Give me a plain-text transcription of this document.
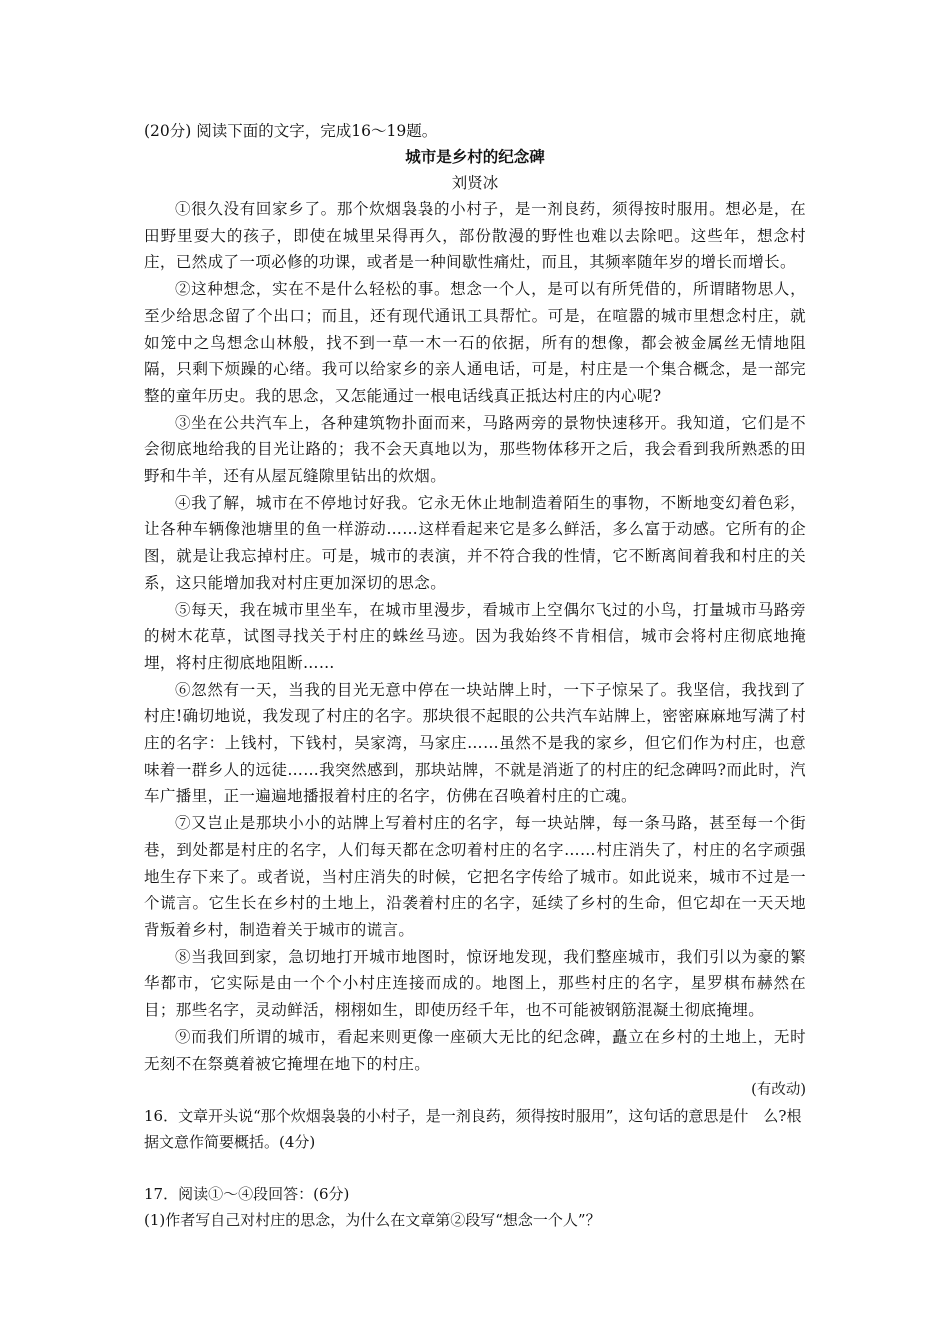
(20分) 阅读下面的文字，完成16～19题。

城市是乡村的纪念碑

刘贤冰

①很久没有回家乡了。那个炊烟袅袅的小村子，是一剂良药，须得按时服用。想必是，在田野里耍大的孩子，即使在城里呆得再久，部份散漫的野性也难以去除吧。这些年，想念村庄，已然成了一项必修的功课，或者是一种间歇性痛灶，而且，其频率随年岁的增长而增长。

②这种想念，实在不是什么轻松的事。想念一个人，是可以有所凭借的，所谓睹物思人，至少给思念留了个出口；而且，还有现代通讯工具帮忙。可是，在喧嚣的城市里想念村庄，就如笼中之鸟想念山林般，找不到一草一木一石的依据，所有的想像，都会被金属丝无情地阻隔，只剩下烦躁的心绪。我可以给家乡的亲人通电话，可是，村庄是一个集合概念，是一部完整的童年历史。我的思念，又怎能通过一根电话线真正抵达村庄的内心呢?

③坐在公共汽车上，各种建筑物扑面而来，马路两旁的景物快速移开。我知道，它们是不会彻底地给我的目光让路的；我不会天真地以为，那些物体移开之后，我会看到我所熟悉的田野和牛羊，还有从屋瓦缝隙里钻出的炊烟。

④我了解，城市在不停地讨好我。它永无休止地制造着陌生的事物，不断地变幻着色彩，让各种车辆像池塘里的鱼一样游动……这样看起来它是多么鲜活，多么富于动感。它所有的企图，就是让我忘掉村庄。可是，城市的表演，并不符合我的性情，它不断离间着我和村庄的关系，这只能增加我对村庄更加深切的思念。

⑤每天，我在城市里坐车，在城市里漫步，看城市上空偶尔飞过的小鸟，打量城市马路旁的树木花草，试图寻找关于村庄的蛛丝马迹。因为我始终不肯相信，城市会将村庄彻底地掩埋，将村庄彻底地阻断……

⑥忽然有一天，当我的目光无意中停在一块站牌上时，一下子惊呆了。我坚信，我找到了村庄!确切地说，我发现了村庄的名字。那块很不起眼的公共汽车站牌上，密密麻麻地写满了村庄的名字：上钱村，下钱村，吴家湾，马家庄……虽然不是我的家乡，但它们作为村庄，也意味着一群乡人的远徒……我突然感到，那块站牌，不就是消逝了的村庄的纪念碑吗?而此时，汽车广播里，正一遍遍地播报着村庄的名字，仿佛在召唤着村庄的亡魂。

⑦又岂止是那块小小的站牌上写着村庄的名字，每一块站牌，每一条马路，甚至每一个街巷，到处都是村庄的名字，人们每天都在念叨着村庄的名字……村庄消失了，村庄的名字顽强地生存下来了。或者说，当村庄消失的时候，它把名字传给了城市。如此说来，城市不过是一个谎言。它生长在乡村的土地上，沿袭着村庄的名字，延续了乡村的生命，但它却在一天天地背叛着乡村，制造着关于城市的谎言。

⑧当我回到家，急切地打开城市地图时，惊讶地发现，我们整座城市，我们引以为豪的繁华都市，它实际是由一个个小村庄连接而成的。地图上，那些村庄的名字，星罗棋布赫然在目；那些名字，灵动鲜活，栩栩如生，即使历经千年，也不可能被钢筋混凝土彻底掩埋。

⑨而我们所谓的城市，看起来则更像一座硕大无比的纪念碑，矗立在乡村的土地上，无时无刻不在祭奠着被它掩埋在地下的村庄。

(有改动)

16．文章开头说“那个炊烟袅袅的小村子，是一剂良药，须得按时服用”，这句话的意思是什　么?根据文意作简要概括。(4分)

17．阅读①～④段回答：(6分)

(1)作者写自己对村庄的思念，为什么在文章第②段写“想念一个人”？
